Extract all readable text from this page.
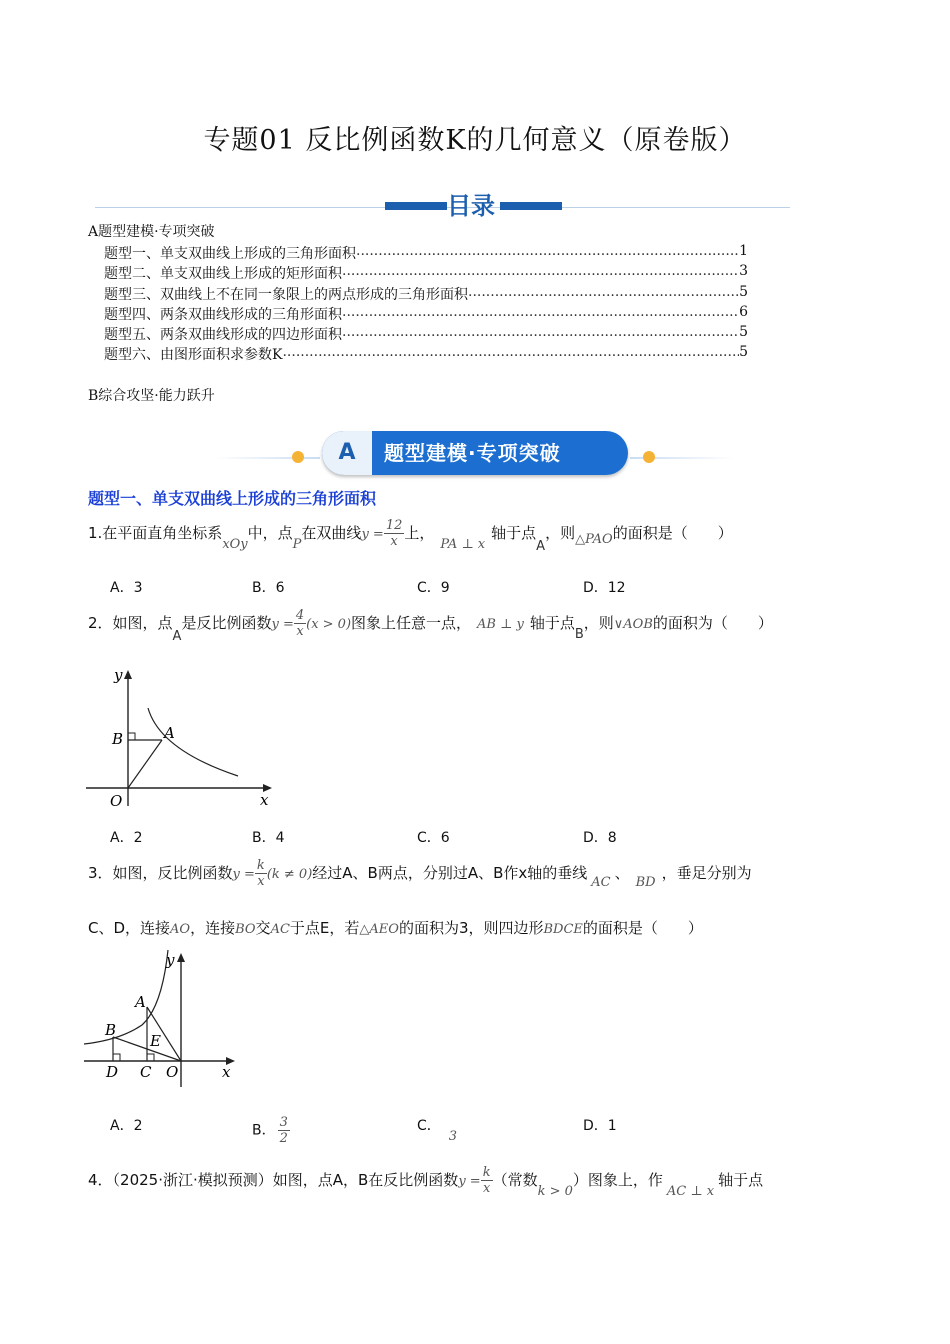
专题01 反比例函数K的几何意义（原卷版）
目录
A题型建模·专项突破
题型一、单支双曲线上形成的三角形面积 .....	1
题型二、单支双曲线上形成的矩形面积 .....	3
题型三、双曲线上不在同一象限上的两点形成的三角形面积 .....	5
题型四、两条双曲线形成的三角形面积 .....	6
题型五、两条双曲线形成的四边形面积 .....	5
题型六、由图形面积求参数K .....	5
B综合攻坚·能力跃升
A	题型建模·专项突破
题型一、单支双曲线上形成的三角形面积
1.在平面直角坐标系xOy中，点P在双曲线$y = \frac{12}{x}$ 上，PA ⊥ x轴于点A，则△PAO的面积是（　　）
A．3	B．6	C．9	D．12
2．如图，点A是反比例函数$y = \frac{4}{x} (x > 0)$图象上任意一点， AB ⊥ y 轴于点B，则∨AOB的面积为（　　）
y
B	A
O	x
A．2	B．4	C．6	D．8
3．如图，反比例函数$y = \frac{k}{x} (k \ne 0)$经过A、B两点，分别过A、B作x轴的垂线AC、BD，垂足分别为
C、D，连接AO，连接BO交AC于点E，若△AEO的面积为3，则四边形BDCE的面积是（　　）
y
A
B
E
D C O	x
A．2	B． $\frac{3}{2}$	C．3
D．1
4．（2025·浙江·模拟预测）如图，点A，B在反比例函数$y = \frac{k}{x}$ （常数k > 0）图象上，作AC ⊥ x轴于点
